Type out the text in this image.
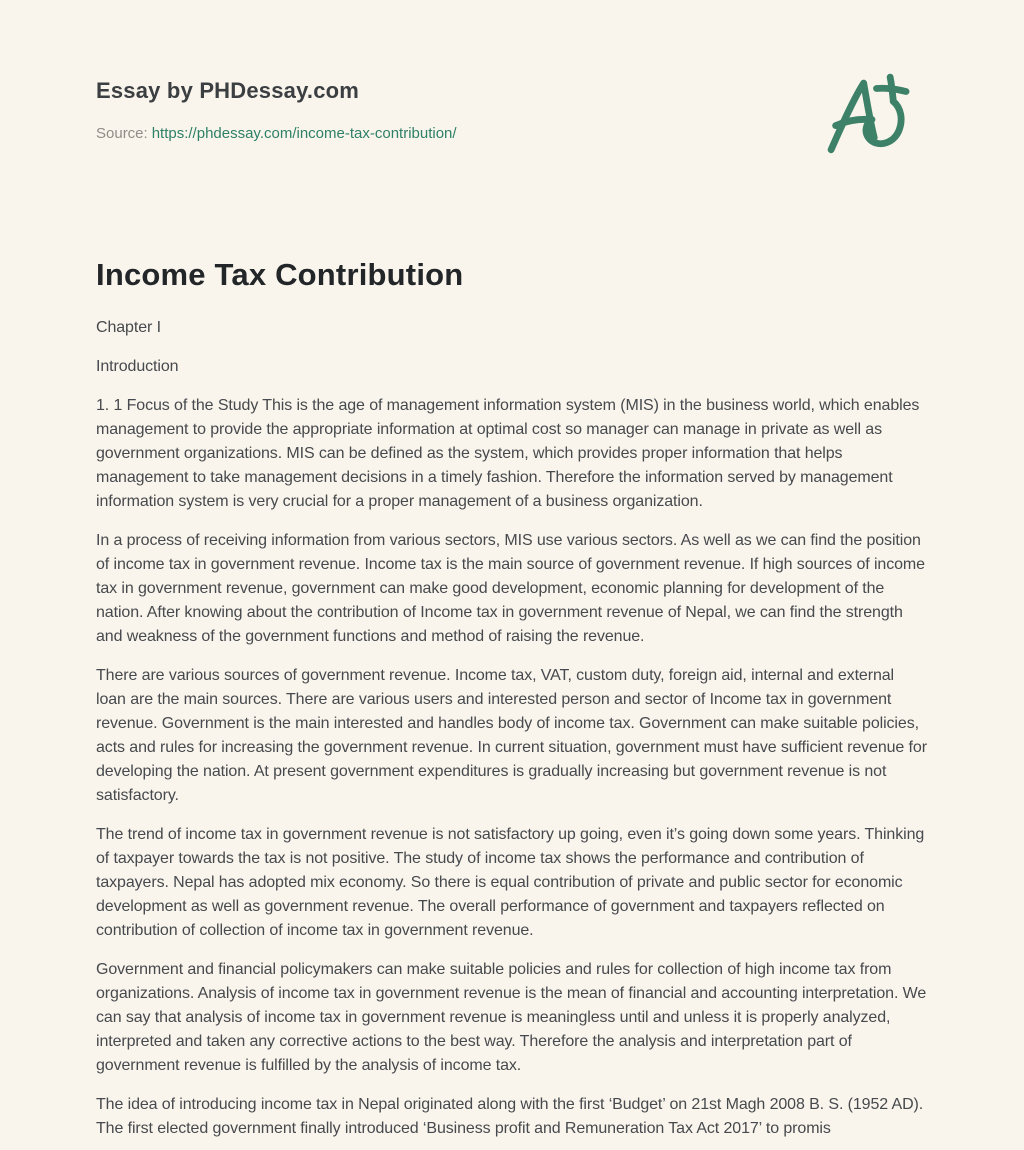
Essay by PHDessay.com
Source: https://phdessay.com/income-tax-contribution/
Income Tax Contribution

Chapter I

Introduction

1. 1 Focus of the Study This is the age of management information system (MIS) in the business world, which enables management to provide the appropriate information at optimal cost so manager can manage in private as well as government organizations. MIS can be defined as the system, which provides proper information that helps management to take management decisions in a timely fashion. Therefore the information served by management information system is very crucial for a proper management of a business organization.

In a process of receiving information from various sectors, MIS use various sectors. As well as we can find the position of income tax in government revenue. Income tax is the main source of government revenue. If high sources of income tax in government revenue, government can make good development, economic planning for development of the nation. After knowing about the contribution of Income tax in government revenue of Nepal, we can find the strength and weakness of the government functions and method of raising the revenue.

There are various sources of government revenue. Income tax, VAT, custom duty, foreign aid, internal and external loan are the main sources. There are various users and interested person and sector of Income tax in government revenue. Government is the main interested and handles body of income tax. Government can make suitable policies, acts and rules for increasing the government revenue. In current situation, government must have sufficient revenue for developing the nation. At present government expenditures is gradually increasing but government revenue is not satisfactory.

The trend of income tax in government revenue is not satisfactory up going, even it’s going down some years. Thinking of taxpayer towards the tax is not positive. The study of income tax shows the performance and contribution of taxpayers. Nepal has adopted mix economy. So there is equal contribution of private and public sector for economic development as well as government revenue. The overall performance of government and taxpayers reflected on contribution of collection of income tax in government revenue.

Government and financial policymakers can make suitable policies and rules for collection of high income tax from organizations. Analysis of income tax in government revenue is the mean of financial and accounting interpretation. We can say that analysis of income tax in government revenue is meaningless until and unless it is properly analyzed, interpreted and taken any corrective actions to the best way. Therefore the analysis and interpretation part of government revenue is fulfilled by the analysis of income tax.

The idea of introducing income tax in Nepal originated along with the first ‘Budget’ on 21st Magh 2008 B. S. (1952 AD). The first elected government finally introduced ‘Business profit and Remuneration Tax Act 2017’ to promis
